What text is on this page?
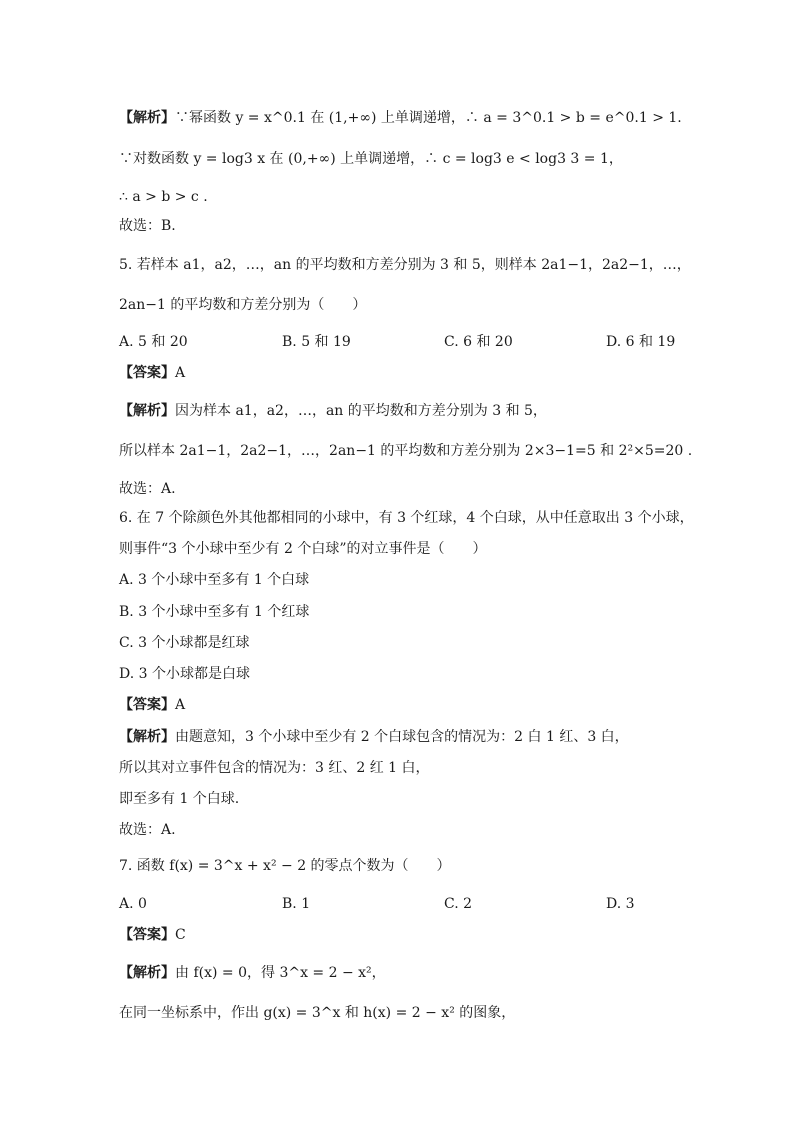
【解析】∵幂函数 y = x^0.1 在 (1,+∞) 上单调递增，∴ a = 3^0.1 > b = e^0.1 > 1.
∵对数函数 y = log3 x 在 (0,+∞) 上单调递增，∴ c = log3 e < log3 3 = 1，
∴ a > b > c .
故选：B.
5. 若样本 a1，a2，…，an 的平均数和方差分别为 3 和 5，则样本 2a1−1，2a2−1，…，
2an−1 的平均数和方差分别为（　　）
A. 5 和 20	B. 5 和 19	C. 6 和 20	D. 6 和 19
【答案】A
【解析】因为样本 a1，a2，…，an 的平均数和方差分别为 3 和 5，
所以样本 2a1−1，2a2−1，…，2an−1 的平均数和方差分别为 2×3−1=5 和 2²×5=20 .
故选：A.
6. 在 7 个除颜色外其他都相同的小球中，有 3 个红球，4 个白球，从中任意取出 3 个小球，
则事件“3 个小球中至少有 2 个白球”的对立事件是（　　）
A. 3 个小球中至多有 1 个白球
B. 3 个小球中至多有 1 个红球
C. 3 个小球都是红球
D. 3 个小球都是白球
【答案】A
【解析】由题意知，3 个小球中至少有 2 个白球包含的情况为：2 白 1 红、3 白，
所以其对立事件包含的情况为：3 红、2 红 1 白，
即至多有 1 个白球.
故选：A.
7. 函数 f(x) = 3^x + x² − 2 的零点个数为（　　）
A. 0	B. 1	C. 2	D. 3
【答案】C
【解析】由 f(x) = 0，得 3^x = 2 − x²，
在同一坐标系中，作出 g(x) = 3^x 和 h(x) = 2 − x² 的图象，
